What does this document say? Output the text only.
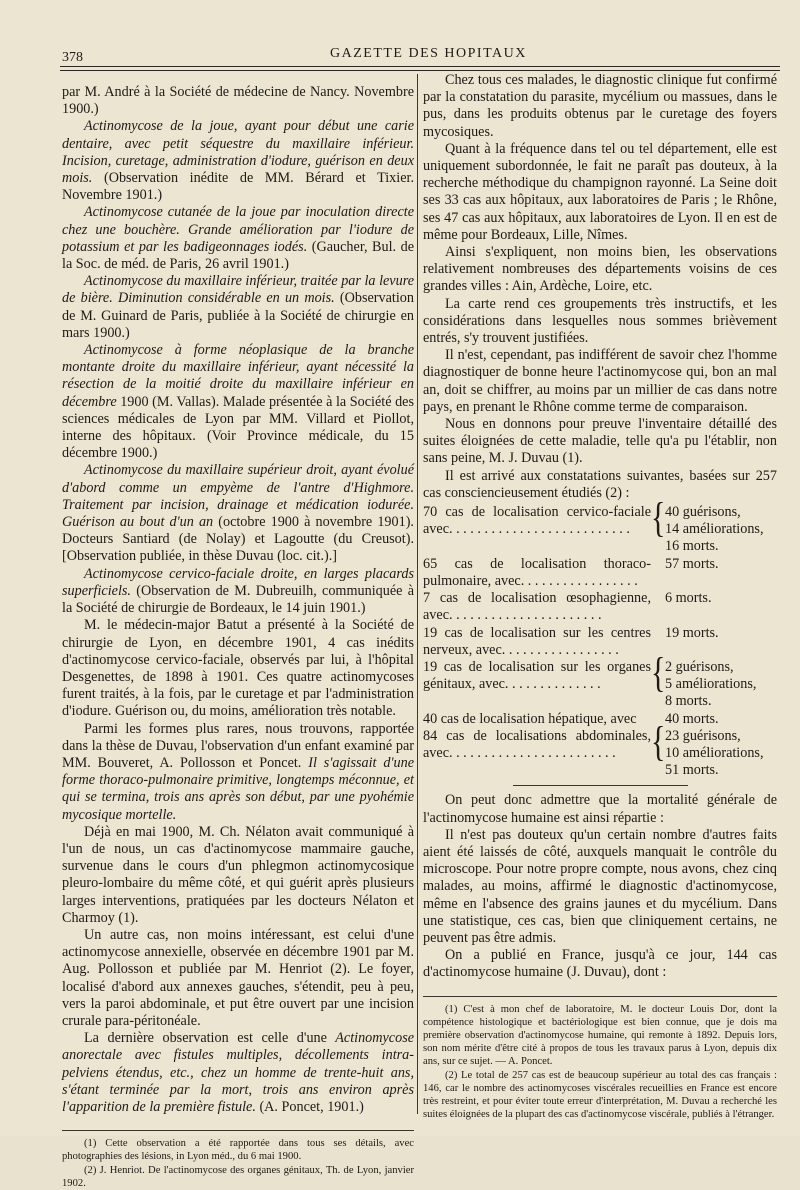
378	GAZETTE DES HOPITAUX

par M. André à la Société de médecine de Nancy. Novembre 1900.)

Actinomycose de la joue, ayant pour début une carie dentaire, avec petit séquestre du maxillaire inférieur. Incision, curetage, administration d'iodure, guérison en deux mois. (Observation inédite de MM. Bérard et Tixier. Novembre 1901.)

Actinomycose cutanée de la joue par inoculation directe chez une bouchère. Grande amélioration par l'iodure de potassium et par les badigeonnages iodés. (Gaucher, Bul. de la Soc. de méd. de Paris, 26 avril 1901.)

Actinomycose du maxillaire inférieur, traitée par la levure de bière. Diminution considérable en un mois. (Observation de M. Guinard de Paris, publiée à la Société de chirurgie en mars 1900.)

Actinomycose à forme néoplasique de la branche montante droite du maxillaire inférieur, ayant nécessité la résection de la moitié droite du maxillaire inférieur en décembre 1900 (M. Vallas). Malade présentée à la Société des sciences médicales de Lyon par MM. Villard et Piollot, interne des hôpitaux. (Voir Province médicale, du 15 décembre 1900.)

Actinomycose du maxillaire supérieur droit, ayant évolué d'abord comme un empyème de l'antre d'Highmore. Traitement par incision, drainage et médication iodurée. Guérison au bout d'un an (octobre 1900 à novembre 1901). Docteurs Santiard (de Nolay) et Lagoutte (du Creusot). [Observation publiée, in thèse Duvau (loc. cit.).]

Actinomycose cervico-faciale droite, en larges placards superficiels. (Observation de M. Dubreuilh, communiquée à la Société de chirurgie de Bordeaux, le 14 juin 1901.)

M. le médecin-major Batut a présenté à la Société de chirurgie de Lyon, en décembre 1901, 4 cas inédits d'actinomycose cervico-faciale, observés par lui, à l'hôpital Desgenettes, de 1898 à 1901. Ces quatre actinomycoses furent traités, à la fois, par le curetage et par l'administration d'iodure. Guérison ou, du moins, amélioration très notable.

Parmi les formes plus rares, nous trouvons, rapportée dans la thèse de Duvau, l'observation d'un enfant examiné par MM. Bouveret, A. Pollosson et Poncet. Il s'agissait d'une forme thoraco-pulmonaire primitive, longtemps méconnue, et qui se termina, trois ans après son début, par une pyohémie mycosique mortelle.

Déjà en mai 1900, M. Ch. Nélaton avait communiqué à l'un de nous, un cas d'actinomycose mammaire gauche, survenue dans le cours d'un phlegmon actinomycosique pleuro-lombaire du même côté, et qui guérit après plusieurs larges interventions, pratiquées par les docteurs Nélaton et Charmoy (1).

Un autre cas, non moins intéressant, est celui d'une actinomycose annexielle, observée en décembre 1901 par M. Aug. Pollosson et publiée par M. Henriot (2). Le foyer, localisé d'abord aux annexes gauches, s'étendit, peu à peu, vers la paroi abdominale, et put être ouvert par une incision crurale para-péritonéale.

La dernière observation est celle d'une Actinomycose anorectale avec fistules multiples, décollements intra-pelviens étendus, etc., chez un homme de trente-huit ans, s'étant terminée par la mort, trois ans environ après l'apparition de la première fistule. (A. Poncet, 1901.)

(1) Cette observation a été rapportée dans tous ses détails, avec photographies des lésions, in Lyon méd., du 6 mai 1900.

(2) J. Henriot. De l'actinomycose des organes génitaux, Th. de Lyon, janvier 1902.

Chez tous ces malades, le diagnostic clinique fut confirmé par la constatation du parasite, mycélium ou massues, dans le pus, dans les produits obtenus par le curetage des foyers mycosiques.

Quant à la fréquence dans tel ou tel département, elle est uniquement subordonnée, le fait ne paraît pas douteux, à la recherche méthodique du champignon rayonné. La Seine doit ses 33 cas aux hôpitaux, aux laboratoires de Paris ; le Rhône, ses 47 cas aux hôpitaux, aux laboratoires de Lyon. Il en est de même pour Bordeaux, Lille, Nîmes.

Ainsi s'expliquent, non moins bien, les observations relativement nombreuses des départements voisins de ces grandes villes : Ain, Ardèche, Loire, etc.

La carte rend ces groupements très instructifs, et les considérations dans lesquelles nous sommes brièvement entrés, s'y trouvent justifiées.

Il n'est, cependant, pas indifférent de savoir chez l'homme diagnostiquer de bonne heure l'actinomycose qui, bon an mal an, doit se chiffrer, au moins par un millier de cas dans notre pays, en prenant le Rhône comme terme de comparaison.

Nous en donnons pour preuve l'inventaire détaillé des suites éloignées de cette maladie, telle qu'a pu l'établir, non sans peine, M. J. Duvau (1).

Il est arrivé aux constatations suivantes, basées sur 257 cas consciencieusement étudiés (2) :

70 cas de localisation cervico-faciale avec. . . . . . . . . . . . . . . . . . . . . . . . . . { 40 guérisons,
14 améliorations,
16 morts.
65 cas de localisation thoraco-pulmonaire, avec. . . . . . . . . . . . . . . . .
57 morts.
7 cas de localisation œsophagienne, avec. . . . . . . . . . . . . . . . . . . . . .
6 morts.
19 cas de localisation sur les centres nerveux, avec. . . . . . . . . . . . . . . . .
19 morts.
19 cas de localisation sur les organes génitaux, avec. . . . . . . . . . . . . .	{ 2 guérisons,
5 améliorations,
8 morts.
40 cas de localisation hépatique, avec	40 morts.
84 cas de localisations abdominales, avec. . . . . . . . . . . . . . . . . . . . . . . .	{ 23 guérisons,
10 améliorations,
51 morts.

On peut donc admettre que la mortalité générale de l'actinomycose humaine est ainsi répartie :

Il n'est pas douteux qu'un certain nombre d'autres faits aient été laissés de côté, auxquels manquait le contrôle du microscope. Pour notre propre compte, nous avons, chez cinq malades, au moins, affirmé le diagnostic d'actinomycose, même en l'absence des grains jaunes et du mycélium. Dans une statistique, ces cas, bien que cliniquement certains, ne peuvent pas être admis.

On a publié en France, jusqu'à ce jour, 144 cas d'actinomycose humaine (J. Duvau), dont :

(1) C'est à mon chef de laboratoire, M. le docteur Louis Dor, dont la compétence histologique et bactériologique est bien connue, que je dois ma première observation d'actinomycose humaine, qui remonte à 1892. Depuis lors, son nom mérite d'être cité à propos de tous les travaux parus à Lyon, depuis dix ans, sur ce sujet. — A. Poncet.

(2) Le total de 257 cas est de beaucoup supérieur au total des cas français : 146, car le nombre des actinomycoses viscérales recueillies en France est encore très restreint, et pour éviter toute erreur d'interprétation, M. Duvau a recherché les suites éloignées de la plupart des cas d'actinomycose viscérale, publiés à l'étranger.
